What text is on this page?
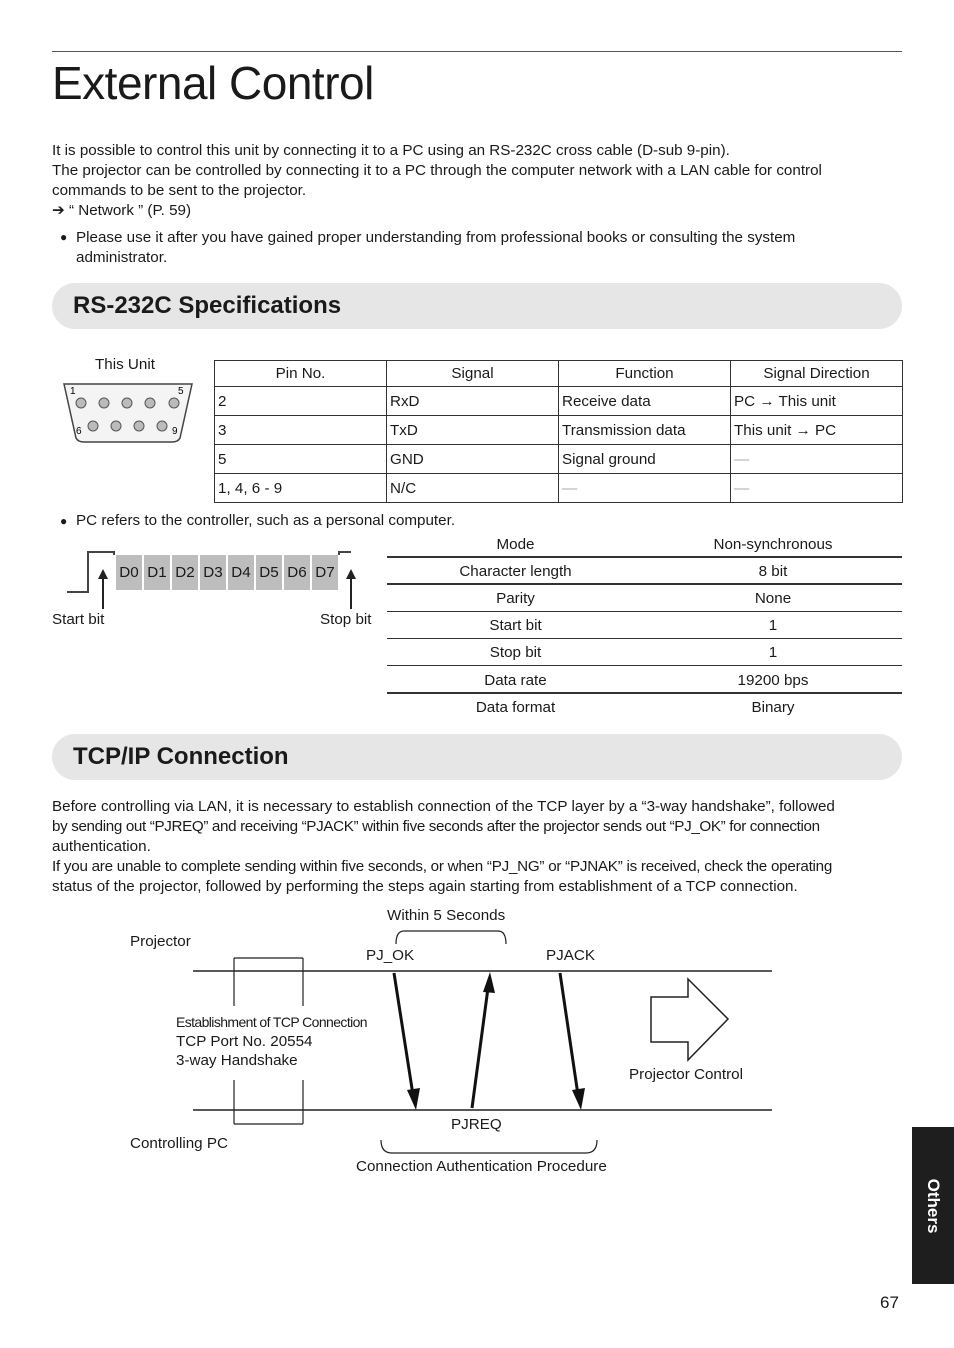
External Control
It is possible to control this unit by connecting it to a PC using an RS-232C cross cable (D-sub 9-pin).
The projector can be controlled by connecting it to a PC through the computer network with a LAN cable for control
commands to be sent to the projector.
➔ “ Network ” (P. 59)
● Please use it after you have gained proper understanding from professional books or consulting the system
administrator.
RS-232C Specifications
This Unit
1	5
6	9
Pin No.	Signal	Function	Signal Direction
2	RxD	Receive data	PC → This unit
3	TxD	Transmission data	This unit → PC
5	GND	Signal ground	—
1, 4, 6 - 9	N/C	—	—
● PC refers to the controller, such as a personal computer.
D0 D1 D2 D3 D4 D5 D6 D7
Start bit	Stop bit
Mode	Non-synchronous
Character length	8 bit
Parity	None
Start bit	1
Stop bit	1
Data rate	19200 bps
Data format	Binary
TCP/IP Connection
Before controlling via LAN, it is necessary to establish connection of the TCP layer by a “3-way handshake”, followed
by sending out “PJREQ” and receiving “PJACK” within five seconds after the projector sends out “PJ_OK” for connection
authentication.
If you are unable to complete sending within five seconds, or when “PJ_NG” or “PJNAK” is received, check the operating
status of the projector, followed by performing the steps again starting from establishment of a TCP connection.
Within 5 Seconds
Projector
PJ_OK	PJACK
Establishment of TCP Connection
TCP Port No. 20554
3-way Handshake
Projector Control
PJREQ
Controlling PC
Connection Authentication Procedure
Others
67
